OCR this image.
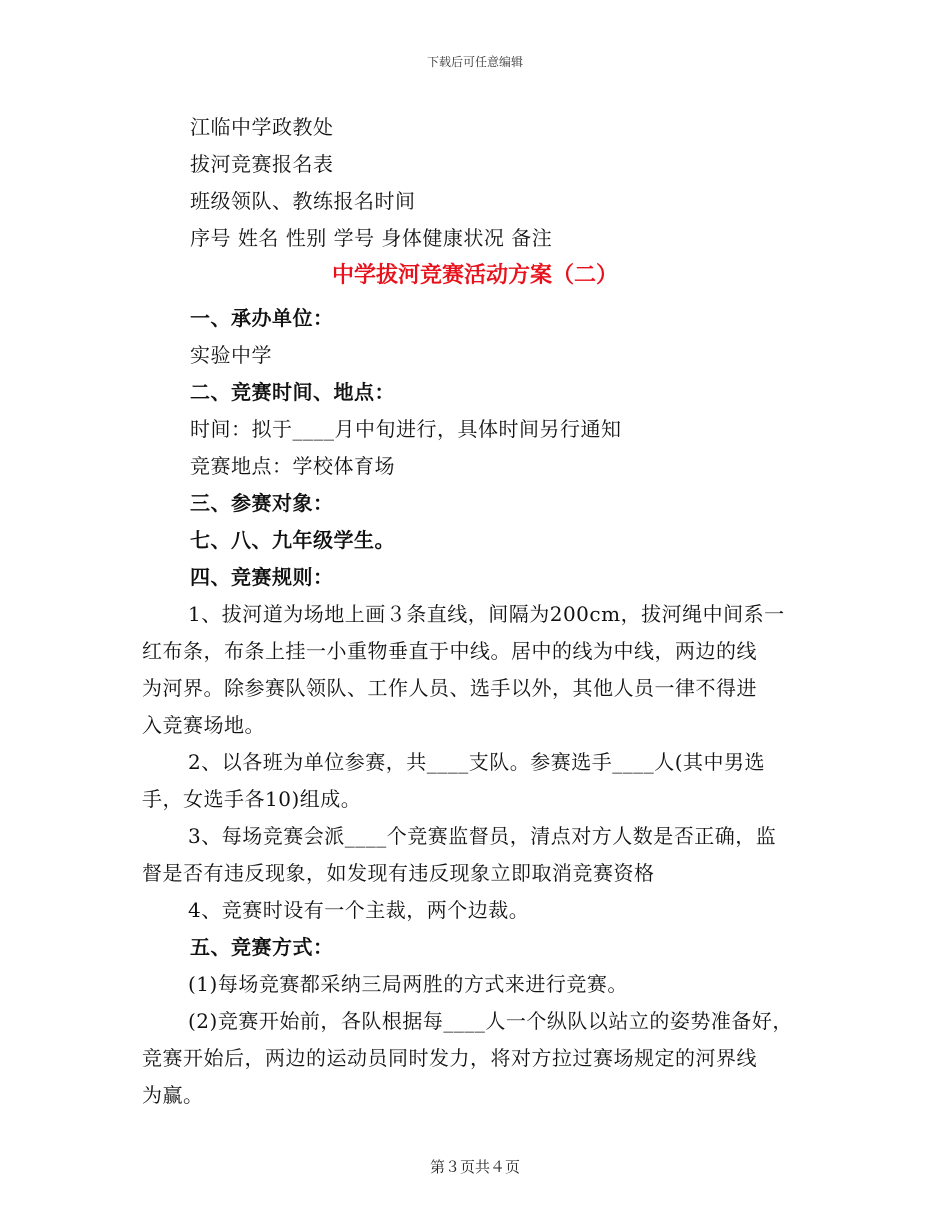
下载后可任意编辑
江临中学政教处
拔河竞赛报名表
班级领队、教练报名时间
序号 姓名 性别 学号 身体健康状况 备注
中学拔河竞赛活动方案（二）
一、承办单位：
实验中学
二、竞赛时间、地点：
时间：拟于____月中旬进行，具体时间另行通知
竞赛地点：学校体育场
三、参赛对象：
七、八、九年级学生。
四、竞赛规则：
1、拔河道为场地上画３条直线，间隔为200cm，拔河绳中间系一
红布条，布条上挂一小重物垂直于中线。居中的线为中线，两边的线
为河界。除参赛队领队、工作人员、选手以外，其他人员一律不得进
入竞赛场地。
2、以各班为单位参赛，共____支队。参赛选手____人(其中男选
手，女选手各10)组成。
3、每场竞赛会派____个竞赛监督员，清点对方人数是否正确，监
督是否有违反现象，如发现有违反现象立即取消竞赛资格
4、竞赛时设有一个主裁，两个边裁。
五、竞赛方式：
(1)每场竞赛都采纳三局两胜的方式来进行竞赛。
(2)竞赛开始前，各队根据每____人一个纵队以站立的姿势准备好，
竞赛开始后，两边的运动员同时发力，将对方拉过赛场规定的河界线
为赢。
第３页共４页
